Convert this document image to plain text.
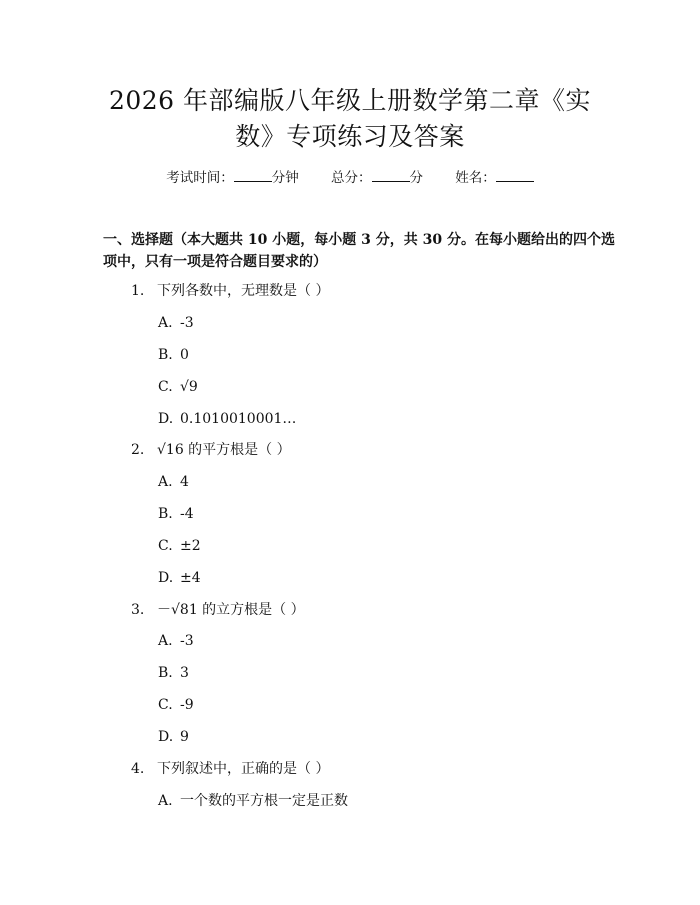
2026 年部编版八年级上册数学第二章《实
数》专项练习及答案
考试时间：	分钟 总分：	分 姓名：

一、选择题（本大题共 10 小题，每小题 3 分，共 30 分。在每小题给出的四个选

项中，只有一项是符合题目要求的）

1. 下列各数中，无理数是（ ）
A. -3
B. 0
C. √9
D. 0.1010010001…
2. √16 的平方根是（ ）
A. 4
B. -4
C. ±2
D. ±4
3. －√81 的立方根是（ ）
A. -3
B. 3
C. -9
D. 9
4. 下列叙述中，正确的是（ ）
A. 一个数的平方根一定是正数
